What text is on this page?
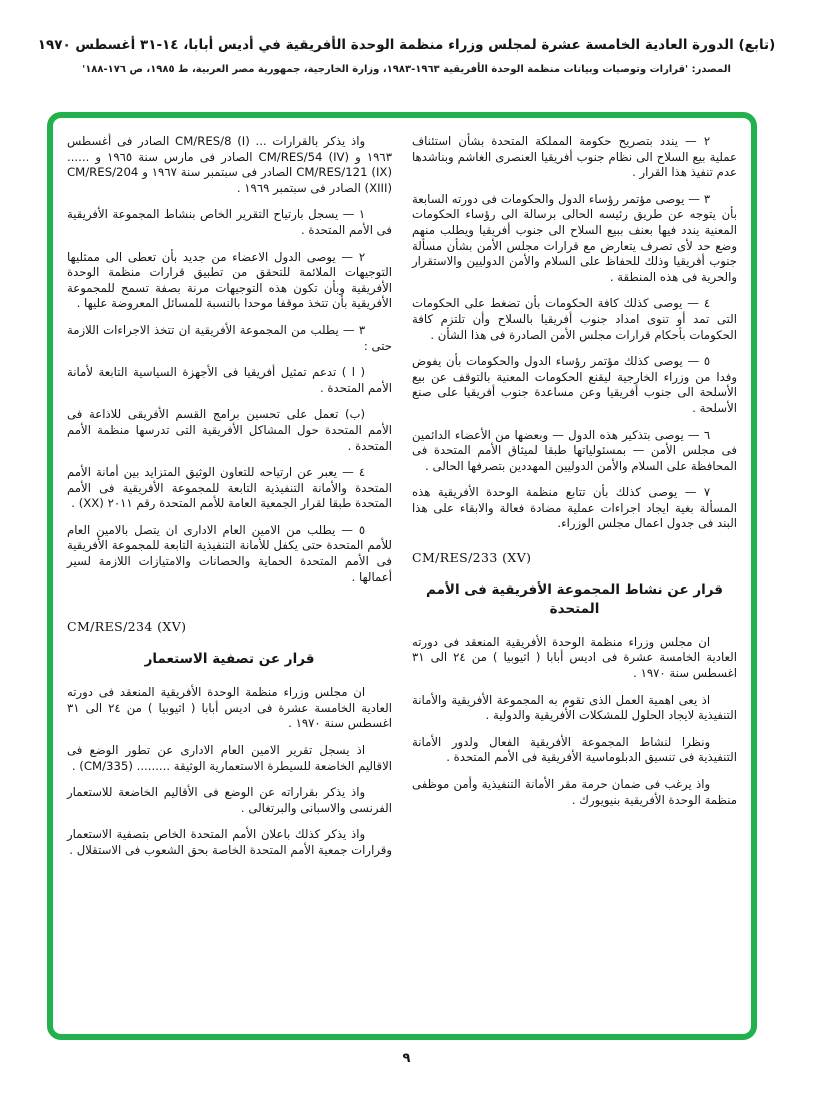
(تابع) الدورة العادية الخامسة عشرة لمجلس وزراء منظمة الوحدة الأفريقية في أديس أبابا، ١٤-٣١ أغسطس ١٩٧٠
المصدر: 'قرارات وتوصيات وبيانات منظمة الوحدة الأفريقية ١٩٦٣-١٩٨٣، وزارة الخارجية، جمهورية مصر العربية، ط ١٩٨٥، ص ١٧٦-١٨٨'

٢ — يندد بتصريح حكومة المملكة المتحدة بشأن استئناف عملية بيع السلاح الى نظام جنوب أفريقيا العنصرى الغاشم وبناشدها عدم تنفيذ هذا القرار .

٣ — يوصى مؤتمر رؤساء الدول والحكومات فى دورته السابعة بأن يتوجه عن طريق رئيسه الحالى برسالة الى رؤساء الحكومات المعنية يندد فيها بعنف ببيع السلاح الى جنوب أفريقيا ويطلب منهم وضع حد لأى تصرف يتعارض مع قرارات مجلس الأمن بشأن مسألة جنوب أفريقيا وذلك للحفاظ على السلام والأمن الدوليين والاستقرار والحرية فى هذه المنطقة .

٤ — يوصى كذلك كافة الحكومات بأن تضغط على الحكومات التى تمد أو تنوى امداد جنوب أفريقيا بالسلاح وأن تلتزم كافة الحكومات بأحكام قرارات مجلس الأمن الصادرة فى هذا الشأن .

٥ — يوصى كذلك مؤتمر رؤساء الدول والحكومات بأن يفوض وفدا من وزراء الخارجية ليقنع الحكومات المعنية بالتوقف عن بيع الأسلحة الى جنوب أفريقيا وعن مساعدة جنوب أفريقيا على صنع الأسلحة .

٦ — يوصى بتذكير هذه الدول — وبعضها من الأعضاء الدائمين فى مجلس الأمن — بمسئولياتها طبقا لميثاق الأمم المتحدة فى المحافظة على السلام والأمن الدوليين المهددين بتصرفها الحالى .

٧ — يوصى كذلك بأن تتابع منظمة الوحدة الأفريقية هذه المسألة بغية ايجاد اجراءات عملية مضادة فعالة والابقاء على هذا البند فى جدول اعمال مجلس الوزراء.

CM/RES/233 (XV)
قرار عن نشاط المجموعة الأفريقية فى الأمم المتحدة

ان مجلس وزراء منظمة الوحدة الأفريقية المنعقد فى دورته العادية الخامسة عشرة فى اديس أبابا ( اثيوبيا ) من ٢٤ الى ٣١ اغسطس سنة ١٩٧٠ .

اذ يعى اهمية العمل الذى تقوم به المجموعة الأفريقية والأمانة التنفيذية لايجاد الحلول للمشكلات الأفريقية والدولية .

ونظرا لنشاط المجموعة الأفريقية الفعال ولدور الأمانة التنفيذية فى تنسيق الدبلوماسية الأفريقية فى الأمم المتحدة .

واذ يرغب فى ضمان حرمة مقر الأمانة التنفيذية وأمن موظفى منظمة الوحدة الأفريقية بنيويورك .

واذ يذكر بالقرارات ... CM/RES/8 (I) الصادر فى أغسطس ١٩٦٣ و CM/RES/54 (IV) الصادر فى مارس سنة ١٩٦٥ و ...... CM/RES/121 (IX) الصادر فى سبتمبر سنة ١٩٦٧ و CM/RES/204 (XIII) الصادر فى سبتمبر ١٩٦٩ .

١ — يسجل بارتياح التقرير الخاص بنشاط المجموعة الأفريقية فى الأمم المتحدة .

٢ — يوصى الدول الاعضاء من جديد بأن تعطى الى ممثليها التوجيهات الملائمة للتحقق من تطبيق قرارات منظمة الوحدة الأفريقية وبأن تكون هذه التوجيهات مرنة بصفة تسمح للمجموعة الأفريقية بأن تتخذ موقفا موحدا بالنسبة للمسائل المعروضة عليها .

٣ — يطلب من المجموعة الأفريقية ان تتخذ الاجراءات اللازمة حتى :

( ا ) تدعم تمثيل أفريقيا فى الأجهزة السياسية التابعة لأمانة الأمم المتحدة .

(ب) تعمل على تحسين برامج القسم الأفريقى للاذاعة فى الأمم المتحدة حول المشاكل الأفريقية التى تدرسها منظمة الأمم المتحدة .

٤ — يعبر عن ارتياحه للتعاون الوثيق المتزايد بين أمانة الأمم المتحدة والأمانة التنفيذية التابعة للمجموعة الأفريقية فى الأمم المتحدة طبقا لقرار الجمعية العامة للأمم المتحدة رقم ٢٠١١ (XX) .

٥ — يطلب من الامين العام الادارى ان يتصل بالامين العام للأمم المتحدة حتى يكفل للأمانة التنفيذية التابعة للمجموعة الأفريقية فى الأمم المتحدة الحماية والحصانات والامتيازات اللازمة لسير أعمالها .

CM/RES/234 (XV)
قرار عن تصفية الاستعمار

ان مجلس وزراء منظمة الوحدة الأفريقية المنعقد فى دورته العادية الخامسة عشرة فى اديس أبابا ( اثيوبيا ) من ٢٤ الى ٣١ اغسطس سنة ١٩٧٠ .

اذ يسجل تقرير الامين العام الادارى عن تطور الوضع فى الاقاليم الخاضعة للسيطرة الاستعمارية الوثيقة ......... (CM/335) .

واذ يذكر بقراراته عن الوضع فى الأقاليم الخاضعة للاستعمار الفرنسى والاسبانى والبرتغالى .

واذ يذكر كذلك باعلان الأمم المتحدة الخاص بتصفية الاستعمار وقرارات جمعية الأمم المتحدة الخاصة بحق الشعوب فى الاستقلال .

٩
